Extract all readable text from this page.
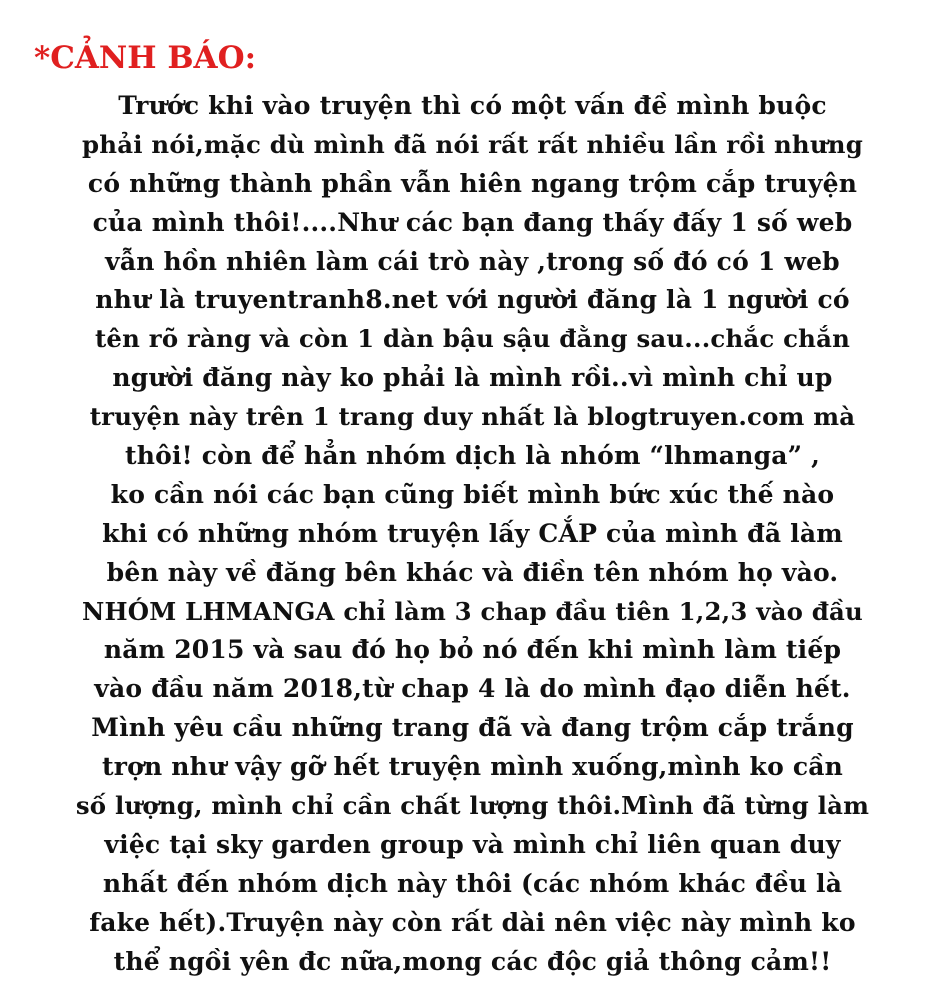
*CẢNH BÁO:
Trước khi vào truyện thì có một vấn đề mình buộc
phải nói,mặc dù mình đã nói rất rất nhiều lần rồi nhưng
có những thành phần vẫn hiên ngang trộm cắp truyện
của mình thôi!....Như các bạn đang thấy đấy 1 số web
vẫn hồn nhiên làm cái trò này ,trong số đó có 1 web
như là truyentranh8.net với người đăng là 1 người có
tên rõ ràng và còn 1 dàn bậu sậu đằng sau...chắc chắn
người đăng này ko phải là mình rồi..vì mình chỉ up
truyện này trên 1 trang duy nhất là blogtruyen.com mà
thôi! còn để hẳn nhóm dịch là nhóm “lhmanga” ,
ko cần nói các bạn cũng biết mình bức xúc thế nào
khi có những nhóm truyện lấy CẮP của mình đã làm
bên này về đăng bên khác và điền tên nhóm họ vào.
NHÓM LHMANGA chỉ làm 3 chap đầu tiên 1,2,3 vào đầu
năm 2015 và sau đó họ bỏ nó đến khi mình làm tiếp
vào đầu năm 2018,từ chap 4 là do mình đạo diễn hết.
Mình yêu cầu những trang đã và đang trộm cắp trắng
trợn như vậy gỡ hết truyện mình xuống,mình ko cần
số lượng, mình chỉ cần chất lượng thôi.Mình đã từng làm
việc tại sky garden group và mình chỉ liên quan duy
nhất đến nhóm dịch này thôi (các nhóm khác đều là
fake hết).Truyện này còn rất dài nên việc này mình ko
thể ngồi yên đc nữa,mong các độc giả thông cảm!!
